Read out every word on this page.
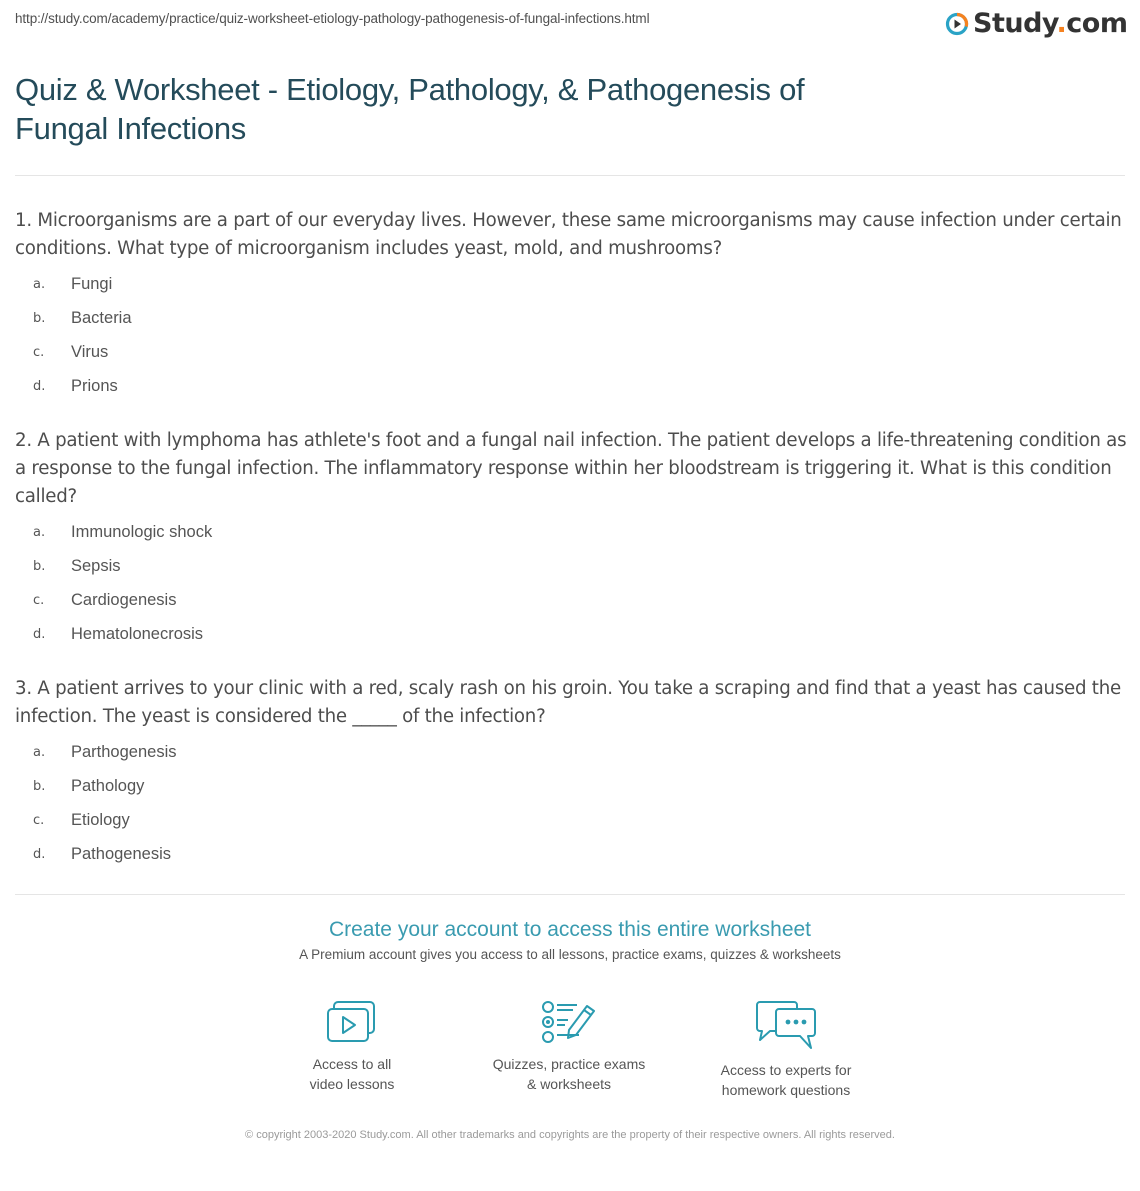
http://study.com/academy/practice/quiz-worksheet-etiology-pathology-pathogenesis-of-fungal-infections.html	Study.com
Quiz & Worksheet - Etiology, Pathology, & Pathogenesis of Fungal Infections

1. Microorganisms are a part of our everyday lives. However, these same microorganisms may cause infection under certain conditions. What type of microorganism includes yeast, mold, and mushrooms?

a.	Fungi
b.	Bacteria
c.	Virus
d.	Prions

2. A patient with lymphoma has athlete's foot and a fungal nail infection. The patient develops a life-threatening condition as a response to the fungal infection. The inflammatory response within her bloodstream is triggering it. What is this condition called?

a.	Immunologic shock
b.	Sepsis
c.	Cardiogenesis
d.	Hematolonecrosis

3. A patient arrives to your clinic with a red, scaly rash on his groin. You take a scraping and find that a yeast has caused the infection. The yeast is considered the _____ of the infection?

a.	Parthogenesis
b.	Pathology
c.	Etiology
d.	Pathogenesis
Create your account to access this entire worksheet
A Premium account gives you access to all lessons, practice exams, quizzes & worksheets
Access to all
video lessons
Quizzes, practice exams
& worksheets
Access to experts for
homework questions
© copyright 2003-2020 Study.com. All other trademarks and copyrights are the property of their respective owners. All rights reserved.
